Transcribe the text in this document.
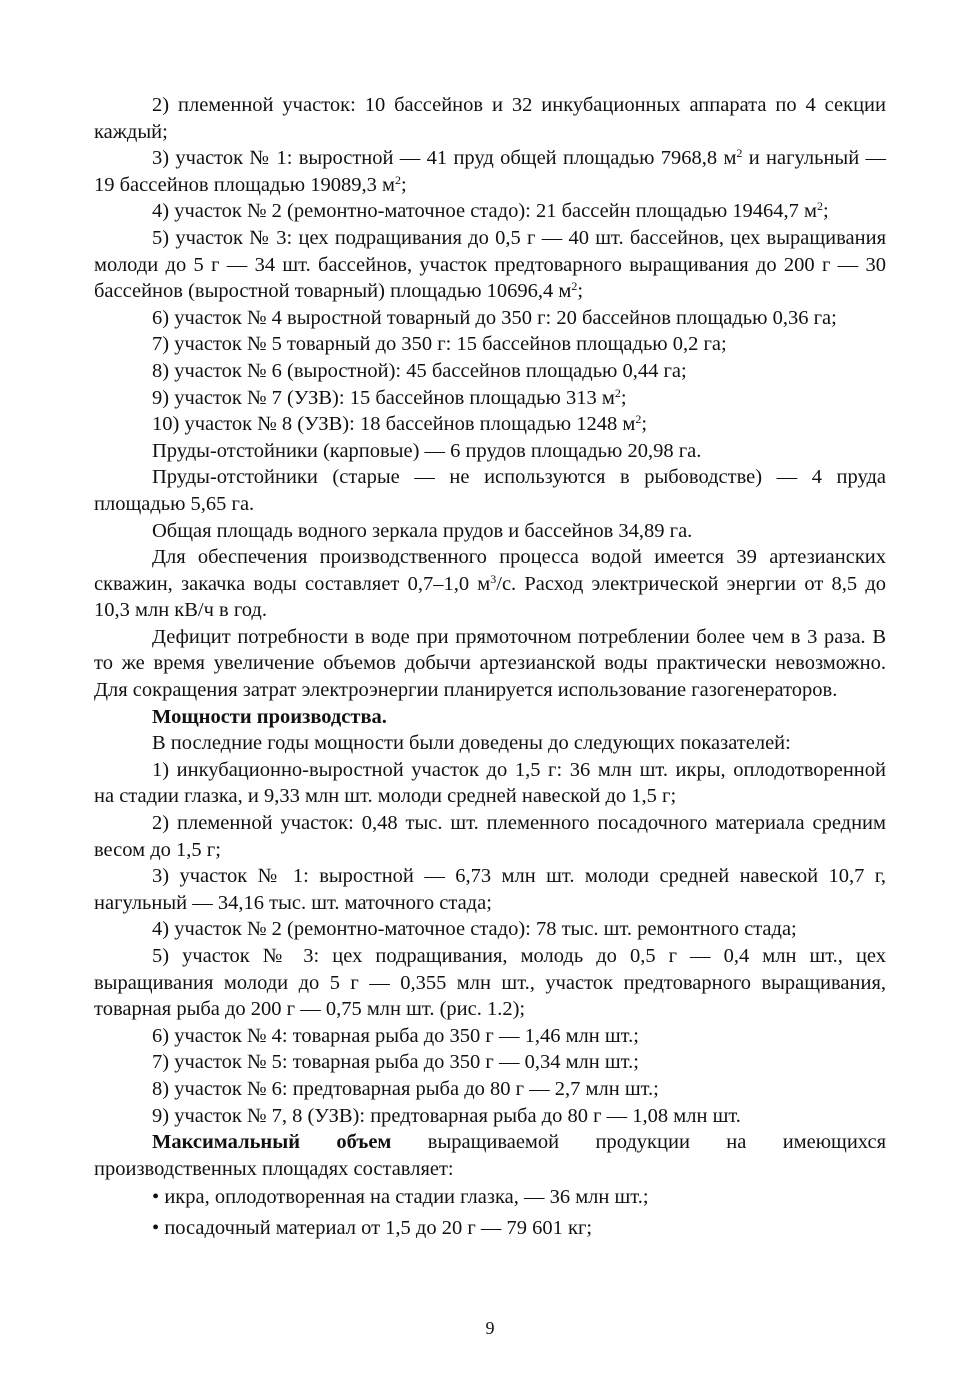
2) племенной участок: 10 бассейнов и 32 инкубационных аппарата по 4 секции каждый;

3) участок № 1: выростной — 41 пруд общей площадью 7968,8 $м^2$ и нагульный — 19 бассейнов площадью 19089,3 $м^2$;

4) участок № 2 (ремонтно-маточное стадо): 21 бассейн площадью 19464,7 $м^2$;

5) участок № 3: цех подращивания до 0,5 г — 40 шт. бассейнов, цех выращивания молоди до 5 г — 34 шт. бассейнов, участок предтоварного выращивания до 200 г — 30 бассейнов (выростной товарный) площадью 10696,4 $м^2$;

6) участок № 4 выростной товарный до 350 г: 20 бассейнов площадью 0,36 га;

7) участок № 5 товарный до 350 г: 15 бассейнов площадью 0,2 га;

8) участок № 6 (выростной): 45 бассейнов площадью 0,44 га;

9) участок № 7 (УЗВ): 15 бассейнов площадью 313 $м^2$;

10) участок № 8 (УЗВ): 18 бассейнов площадью 1248 $м^2$;

Пруды-отстойники (карповые) — 6 прудов площадью 20,98 га.

Пруды-отстойники (старые — не используются в рыбоводстве) — 4 пруда площадью 5,65 га.

Общая площадь водного зеркала прудов и бассейнов 34,89 га.

Для обеспечения производственного процесса водой имеется 39 артезианских скважин, закачка воды составляет 0,7–1,0 $м^3/с$. Расход электрической энергии от 8,5 до 10,3 млн кВ/ч в год.

Дефицит потребности в воде при прямоточном потреблении более чем в 3 раза. В то же время увеличение объемов добычи артезианской воды практически невозможно. Для сокращения затрат электроэнергии планируется использование газогенераторов.

Мощности производства.

В последние годы мощности были доведены до следующих показателей:

1) инкубационно-выростной участок до 1,5 г: 36 млн шт. икры, оплодотворенной на стадии глазка, и 9,33 млн шт. молоди средней навеской до 1,5 г;

2) племенной участок: 0,48 тыс. шт. племенного посадочного материала средним весом до 1,5 г;

3) участок № 1: выростной — 6,73 млн шт. молоди средней навеской 10,7 г, нагульный — 34,16 тыс. шт. маточного стада;

4) участок № 2 (ремонтно-маточное стадо): 78 тыс. шт. ремонтного стада;

5) участок № 3: цех подращивания, молодь до 0,5 г — 0,4 млн шт., цех выращивания молоди до 5 г — 0,355 млн шт., участок предтоварного выращивания, товарная рыба до 200 г — 0,75 млн шт. (рис. 1.2);

6) участок № 4: товарная рыба до 350 г — 1,46 млн шт.;

7) участок № 5: товарная рыба до 350 г — 0,34 млн шт.;

8) участок № 6: предтоварная рыба до 80 г — 2,7 млн шт.;

9) участок № 7, 8 (УЗВ): предтоварная рыба до 80 г — 1,08 млн шт.

Максимальный объем выращиваемой продукции на имеющихся производственных площадях составляет:

• икра, оплодотворенная на стадии глазка, — 36 млн шт.;

• посадочный материал от 1,5 до 20 г — 79 601 кг;

9
